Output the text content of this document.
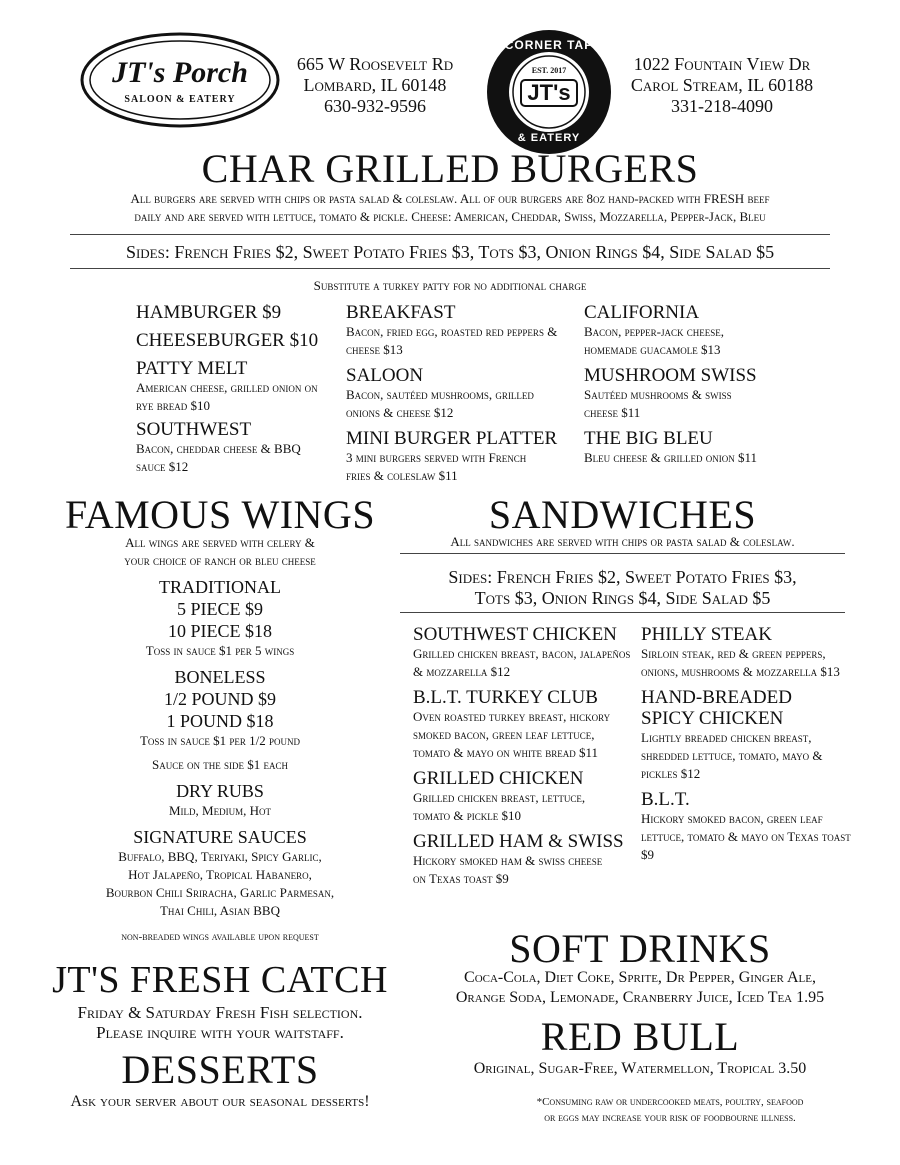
JT's Porch
SALOON & EATERY
665 W Roosevelt Rd
Lombard, IL 60148
630-932-9596
CORNER TAP
EST. 2017
JT's
& EATERY
1022 Fountain View Dr
Carol Stream, IL 60188
331-218-4090
CHAR GRILLED BURGERS
All burgers are served with chips or pasta salad & coleslaw. All of our burgers are 8oz hand-packed with FRESH beef
daily and are served with lettuce, tomato & pickle. Cheese: American, Cheddar, Swiss, Mozzarella, Pepper-Jack, Bleu
Sides: French Fries $2, Sweet Potato Fries $3, Tots $3, Onion Rings $4, Side Salad $5
Substitute a turkey patty for no additional charge
HAMBURGER $9
CHEESEBURGER $10
PATTY MELT
American cheese, grilled onion on rye bread $10
SOUTHWEST
Bacon, cheddar cheese & BBQ sauce $12
BREAKFAST
Bacon, fried egg, roasted red peppers & cheese $13
SALOON
Bacon, sautéed mushrooms, grilled onions & cheese $12
MINI BURGER PLATTER
3 mini burgers served with French fries & coleslaw $11
CALIFORNIA
Bacon, pepper-jack cheese, homemade guacamole $13
MUSHROOM SWISS
Sautéed mushrooms & swiss cheese $11
THE BIG BLEU
Bleu cheese & grilled onion $11
FAMOUS WINGS
All wings are served with celery &
your choice of ranch or bleu cheese
TRADITIONAL
5 PIECE $9
10 PIECE $18
Toss in sauce $1 per 5 wings
BONELESS
1/2 POUND $9
1 POUND $18
Toss in sauce $1 per 1/2 pound
Sauce on the side $1 each
DRY RUBS
Mild, Medium, Hot
SIGNATURE SAUCES
Buffalo, BBQ, Teriyaki, Spicy Garlic,
Hot Jalapeño, Tropical Habanero,
Bourbon Chili Sriracha, Garlic Parmesan,
Thai Chili, Asian BBQ
non-breaded wings available upon request
SANDWICHES
All sandwiches are served with chips or pasta salad & coleslaw.
Sides: French Fries $2, Sweet Potato Fries $3,
Tots $3, Onion Rings $4, Side Salad $5
SOUTHWEST CHICKEN
Grilled chicken breast, bacon, jalapeños & mozzarella $12
B.L.T. TURKEY CLUB
Oven roasted turkey breast, hickory smoked bacon, green leaf lettuce, tomato & mayo on white bread $11
GRILLED CHICKEN
Grilled chicken breast, lettuce, tomato & pickle $10
GRILLED HAM & SWISS
Hickory smoked ham & swiss cheese on Texas toast $9
PHILLY STEAK
Sirloin steak, red & green peppers, onions, mushrooms & mozzarella $13
HAND-BREADED SPICY CHICKEN
Lightly breaded chicken breast, shredded lettuce, tomato, mayo & pickles $12
B.L.T.
Hickory smoked bacon, green leaf lettuce, tomato & mayo on Texas toast $9
JT'S FRESH CATCH
Friday & Saturday Fresh Fish selection.
Please inquire with your waitstaff.
DESSERTS
Ask your server about our seasonal desserts!
SOFT DRINKS
Coca-Cola, Diet Coke, Sprite, Dr Pepper, Ginger Ale,
Orange Soda, Lemonade, Cranberry Juice, Iced Tea 1.95
RED BULL
Original, Sugar-Free, Watermellon, Tropical 3.50
*Consuming raw or undercooked meats, poultry, seafood
or eggs may increase your risk of foodbourne illness.
